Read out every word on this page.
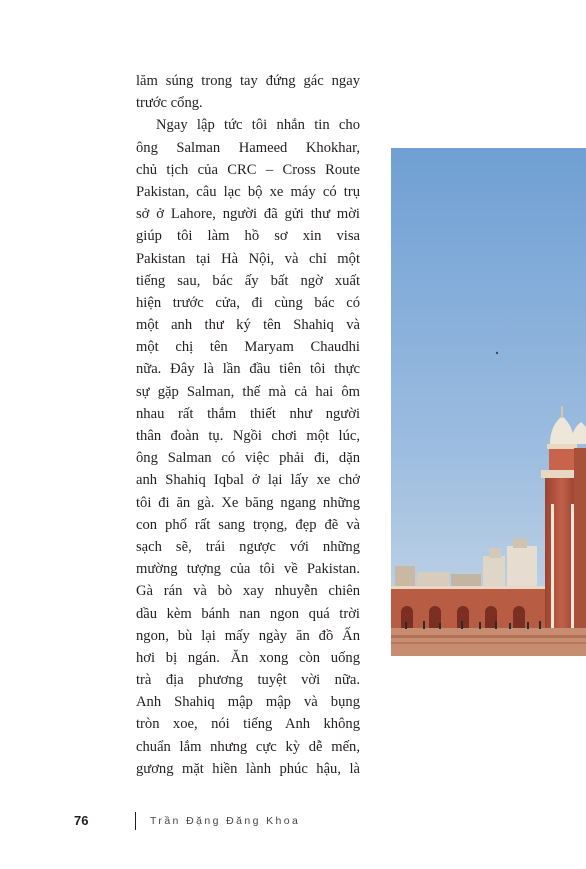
lăm súng trong tay đứng gác ngay
trước cổng.
Ngay lập tức tôi nhắn tin cho
ông Salman Hameed Khokhar,
chủ tịch của CRC – Cross Route
Pakistan, câu lạc bộ xe máy có trụ
sở ở Lahore, người đã gửi thư mời
giúp tôi làm hồ sơ xin visa
Pakistan tại Hà Nội, và chỉ một
tiếng sau, bác ấy bất ngờ xuất
hiện trước cửa, đi cùng bác có
một anh thư ký tên Shahiq và
một chị tên Maryam Chaudhi
nữa. Đây là lần đầu tiên tôi thực
sự gặp Salman, thế mà cả hai ôm
nhau rất thắm thiết như người
thân đoàn tụ. Ngồi chơi một lúc,
ông Salman có việc phải đi, dặn
anh Shahiq Iqbal ở lại lấy xe chở
tôi đi ăn gà. Xe băng ngang những
con phố rất sang trọng, đẹp đẽ và
sạch sẽ, trái ngược với những
mường tượng của tôi về Pakistan.
Gà rán và bò xay nhuyễn chiên
dầu kèm bánh nan ngon quá trời
ngon, bù lại mấy ngày ăn đồ Ấn
hơi bị ngán. Ăn xong còn uống
trà địa phương tuyệt vời nữa.
Anh Shahiq mập mập và bụng
tròn xoe, nói tiếng Anh không
chuẩn lắm nhưng cực kỳ dễ mến,
gương mặt hiền lành phúc hậu, là
76	Trần Đặng Đăng Khoa
